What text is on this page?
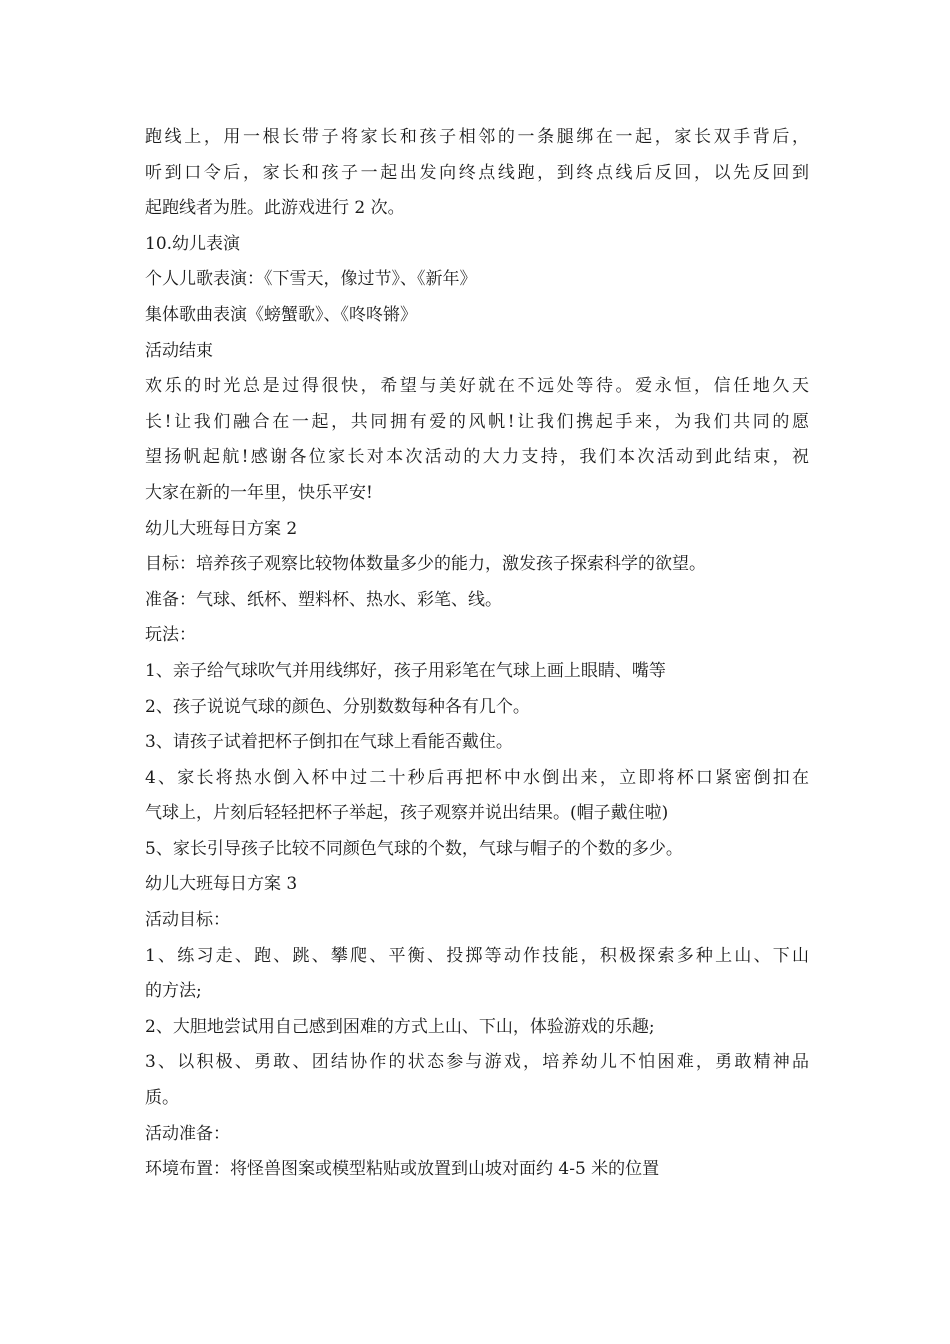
跑线上，用一根长带子将家长和孩子相邻的一条腿绑在一起，家长双手背后，
听到口令后，家长和孩子一起出发向终点线跑，到终点线后反回，以先反回到
起跑线者为胜。此游戏进行 2 次。
10.幼儿表演
个人儿歌表演：《下雪天，像过节》、《新年》
集体歌曲表演《螃蟹歌》、《咚咚锵》
活动结束
欢乐的时光总是过得很快，希望与美好就在不远处等待。爱永恒，信任地久天
长!让我们融合在一起，共同拥有爱的风帆!让我们携起手来，为我们共同的愿
望扬帆起航!感谢各位家长对本次活动的大力支持，我们本次活动到此结束，祝
大家在新的一年里，快乐平安!
幼儿大班每日方案 2
目标：培养孩子观察比较物体数量多少的能力，激发孩子探索科学的欲望。
准备：气球、纸杯、塑料杯、热水、彩笔、线。
玩法：
1、亲子给气球吹气并用线绑好，孩子用彩笔在气球上画上眼睛、嘴等
2、孩子说说气球的颜色、分别数数每种各有几个。
3、请孩子试着把杯子倒扣在气球上看能否戴住。
4、家长将热水倒入杯中过二十秒后再把杯中水倒出来，立即将杯口紧密倒扣在
气球上，片刻后轻轻把杯子举起，孩子观察并说出结果。(帽子戴住啦)
5、家长引导孩子比较不同颜色气球的个数，气球与帽子的个数的多少。
幼儿大班每日方案 3
活动目标：
1、练习走、跑、跳、攀爬、平衡、投掷等动作技能，积极探索多种上山、下山
的方法;
2、大胆地尝试用自己感到困难的方式上山、下山，体验游戏的乐趣;
3、以积极、勇敢、团结协作的状态参与游戏，培养幼儿不怕困难，勇敢精神品
质。
活动准备：
环境布置：将怪兽图案或模型粘贴或放置到山坡对面约 4-5 米的位置
